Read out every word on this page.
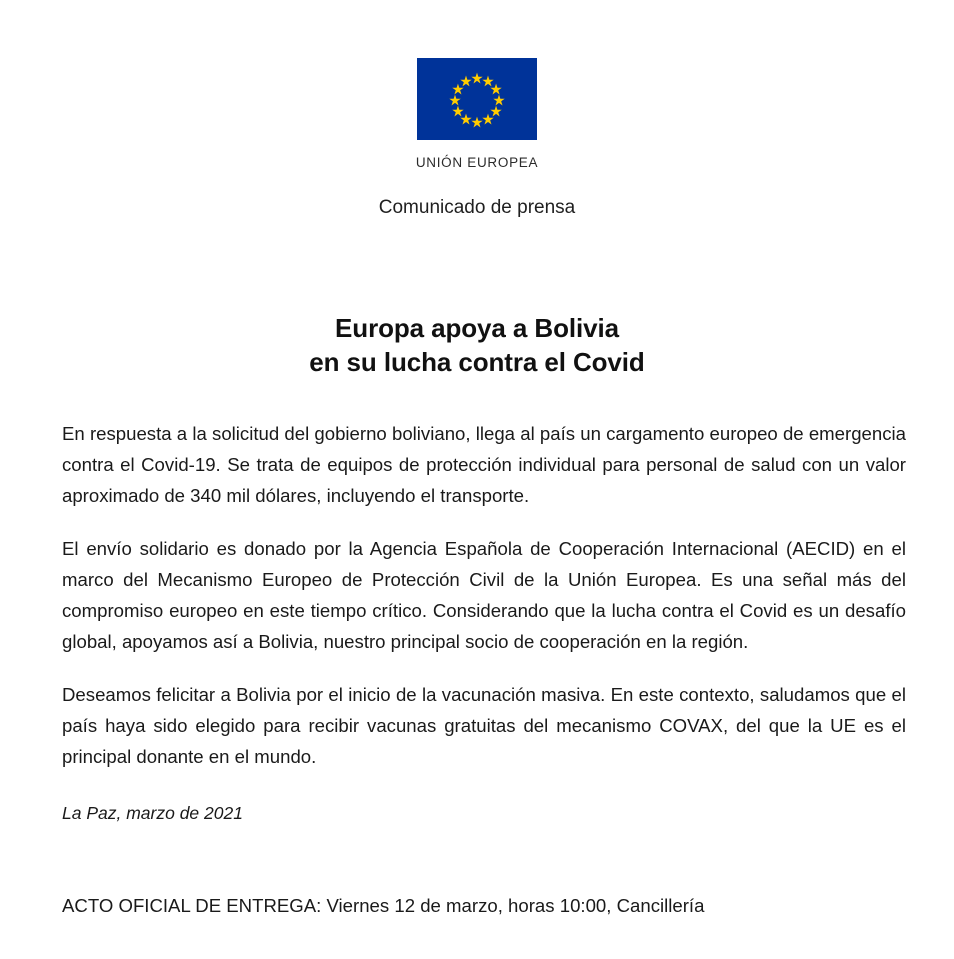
UNIÓN EUROPEA
Comunicado de prensa
Europa apoya a Bolivia
en su lucha contra el Covid

En respuesta a la solicitud del gobierno boliviano, llega al país un cargamento europeo de emergencia contra el Covid-19. Se trata de equipos de protección individual para personal de salud con un valor aproximado de 340 mil dólares, incluyendo el transporte.

El envío solidario es donado por la Agencia Española de Cooperación Internacional (AECID) en el marco del Mecanismo Europeo de Protección Civil de la Unión Europea. Es una señal más del compromiso europeo en este tiempo crítico. Considerando que la lucha contra el Covid es un desafío global, apoyamos así a Bolivia, nuestro principal socio de cooperación en la región.

Deseamos felicitar a Bolivia por el inicio de la vacunación masiva. En este contexto, saludamos que el país haya sido elegido para recibir vacunas gratuitas del mecanismo COVAX, del que la UE es el principal donante en el mundo.

La Paz, marzo de 2021
ACTO OFICIAL DE ENTREGA: Viernes 12 de marzo, horas 10:00, Cancillería
